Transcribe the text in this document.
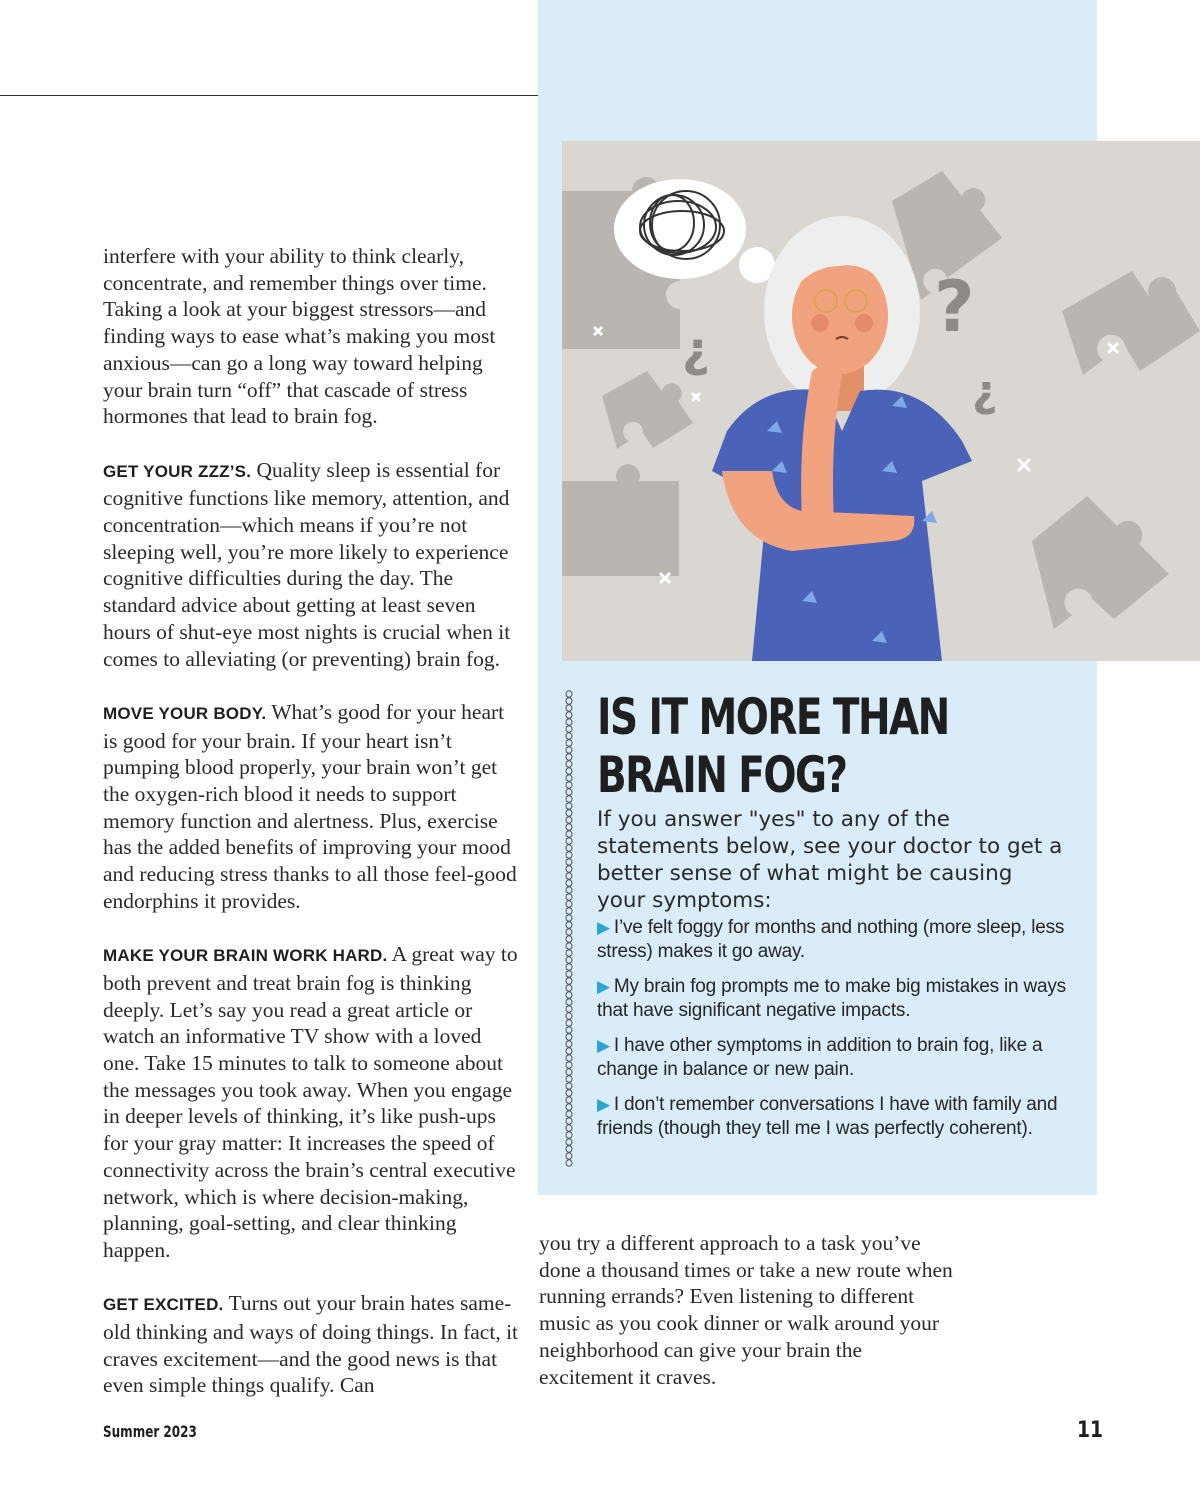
interfere with your ability to think clearly, concentrate, and remember things over time. Taking a look at your biggest stressors—and finding ways to ease what’s making you most anxious—can go a long way toward helping your brain turn “off” that cascade of stress hormones that lead to brain fog.

GET YOUR ZZZ’S. Quality sleep is essential for cognitive functions like memory, attention, and concentration—which means if you’re not sleeping well, you’re more likely to experience cognitive difficulties during the day. The standard advice about getting at least seven hours of shut-eye most nights is crucial when it comes to alleviating (or preventing) brain fog.

MOVE YOUR BODY. What’s good for your heart is good for your brain. If your heart isn’t pumping blood properly, your brain won’t get the oxygen-rich blood it needs to support memory function and alertness. Plus, exercise has the added benefits of improving your mood and reducing stress thanks to all those feel-good endorphins it provides.

MAKE YOUR BRAIN WORK HARD. A great way to both prevent and treat brain fog is thinking deeply. Let’s say you read a great article or watch an informative TV show with a loved one. Take 15 minutes to talk to someone about the messages you took away. When you engage in deeper levels of thinking, it’s like push-ups for your gray matter: It increases the speed of connectivity across the brain’s central executive network, which is where decision-making, planning, goal-setting, and clear thinking happen.

GET EXCITED. Turns out your brain hates same-old thinking and ways of doing things. In fact, it craves excitement—and the good news is that even simple things qualify. Can

¿
?
¿
IS IT MORE THAN
BRAIN FOG?
If you answer "yes" to any of the statements below, see your doctor to get a better sense of what might be causing your symptoms:
▶ I’ve felt foggy for months and nothing (more sleep, less stress) makes it go away.
▶ My brain fog prompts me to make big mistakes in ways that have significant negative impacts.
▶ I have other symptoms in addition to brain fog, like a change in balance or new pain.
▶ I don’t remember conversations I have with family and friends (though they tell me I was perfectly coherent).

you try a different approach to a task you’ve done a thousand times or take a new route when running errands? Even listening to different music as you cook dinner or walk around your neighborhood can give your brain the excitement it craves.

Summer 2023	11
